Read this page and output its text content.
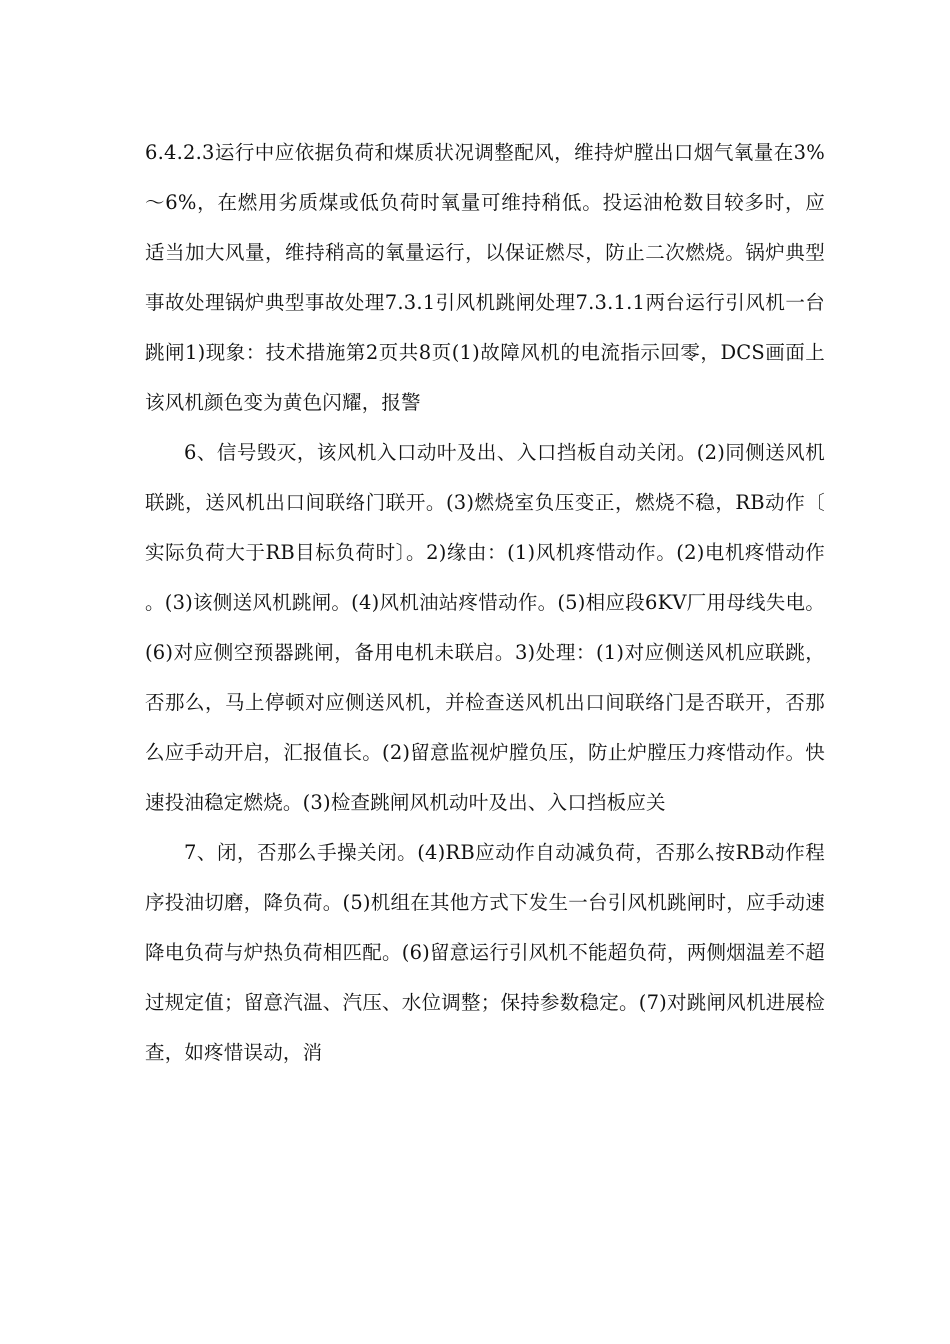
6.4.2.3运行中应依据负荷和煤质状况调整配风，维持炉膛出口烟气氧量在3%～6%，在燃用劣质煤或低负荷时氧量可维持稍低。投运油枪数目较多时，应适当加大风量，维持稍高的氧量运行，以保证燃尽，防止二次燃烧。锅炉典型事故处理锅炉典型事故处理7.3.1引风机跳闸处理7.3.1.1两台运行引风机一台跳闸1)现象：技术措施第2页共8页(1)故障风机的电流指示回零，DCS画面上该风机颜色变为黄色闪耀，报警

6、信号毁灭，该风机入口动叶及出、入口挡板自动关闭。(2)同侧送风机联跳，送风机出口间联络门联开。(3)燃烧室负压变正，燃烧不稳，RB动作〔实际负荷大于RB目标负荷时〕。2)缘由：(1)风机疼惜动作。(2)电机疼惜动作。(3)该侧送风机跳闸。(4)风机油站疼惜动作。(5)相应段6KV厂用母线失电。(6)对应侧空预器跳闸，备用电机未联启。3)处理：(1)对应侧送风机应联跳，否那么，马上停顿对应侧送风机，并检查送风机出口间联络门是否联开，否那么应手动开启，汇报值长。(2)留意监视炉膛负压，防止炉膛压力疼惜动作。快速投油稳定燃烧。(3)检查跳闸风机动叶及出、入口挡板应关

7、闭，否那么手操关闭。(4)RB应动作自动减负荷，否那么按RB动作程序投油切磨，降负荷。(5)机组在其他方式下发生一台引风机跳闸时，应手动速降电负荷与炉热负荷相匹配。(6)留意运行引风机不能超负荷，两侧烟温差不超过规定值；留意汽温、汽压、水位调整；保持参数稳定。(7)对跳闸风机进展检查，如疼惜误动，消
